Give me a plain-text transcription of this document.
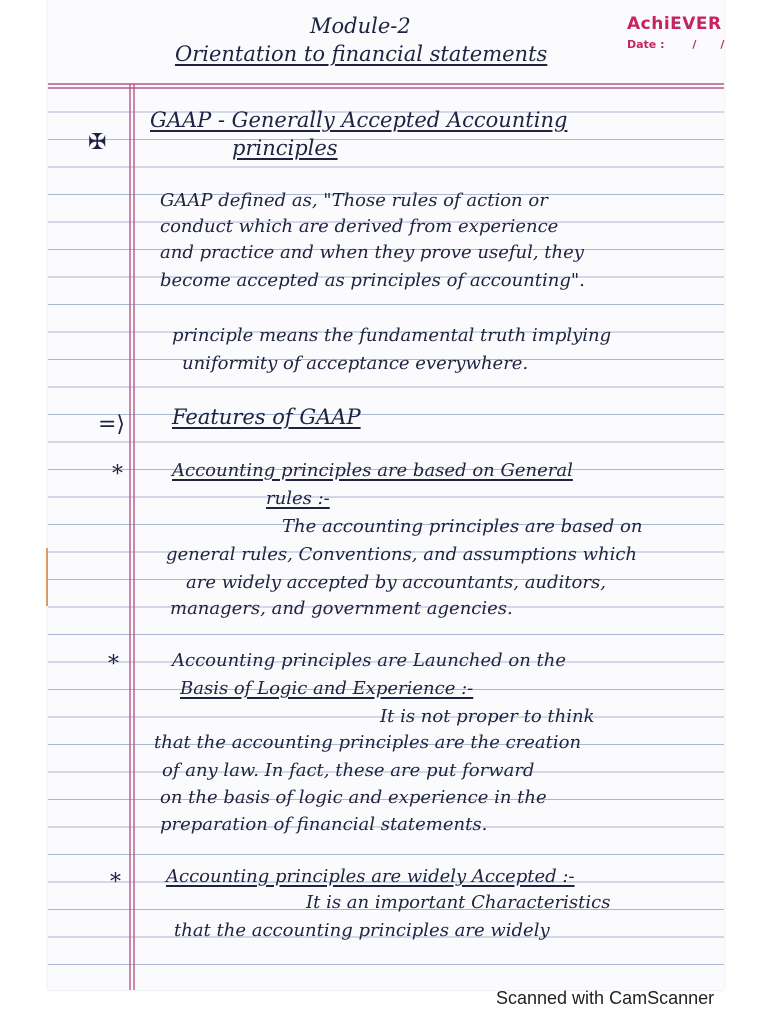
AchiEVER
Date :	/ /
Module-2
Orientation to financial statements
✠
GAAP - Generally Accepted Accounting
principles
GAAP defined as, "Those rules of action or
conduct which are derived from experience
and practice and when they prove useful, they
become accepted as principles of accounting".
principle means the fundamental truth implying
uniformity of acceptance everywhere.
=⟩ Features of GAAP
*	Accounting principles are based on General
rules :-
The accounting principles are based on
general rules, Conventions, and assumptions which
are widely accepted by accountants, auditors,
managers, and government agencies.
*	Accounting principles are Launched on the
Basis of Logic and Experience :-
It is not proper to think
that the accounting principles are the creation
of any law. In fact, these are put forward
on the basis of logic and experience in the
preparation of financial statements.
*	Accounting principles are widely Accepted :-
It is an important Characteristics
that the accounting principles are widely
Scanned with CamScanner
